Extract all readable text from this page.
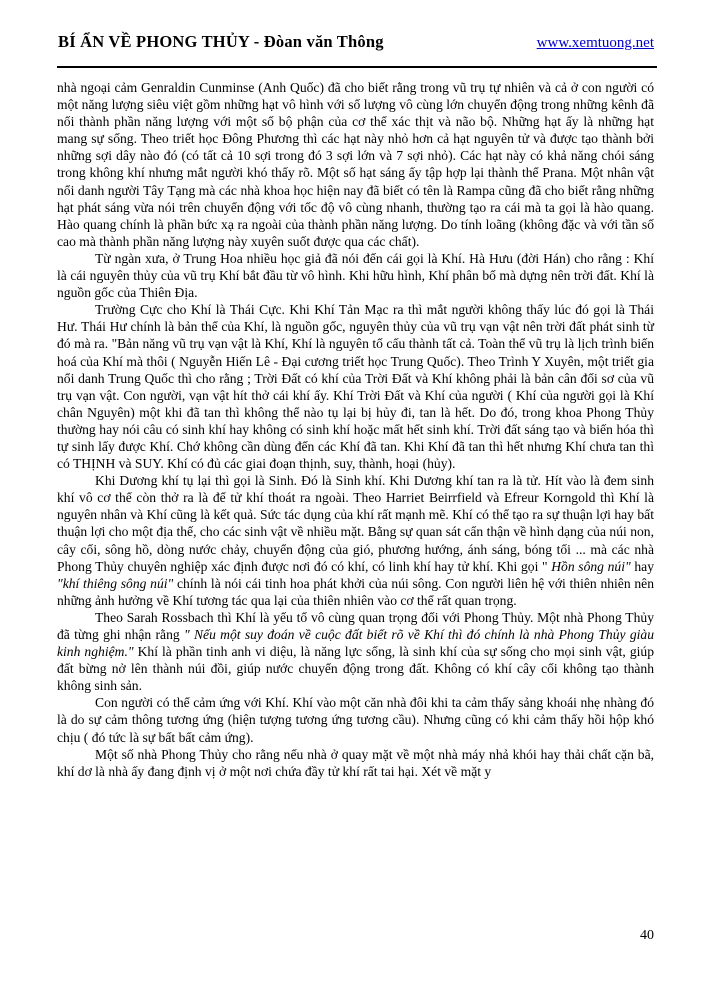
BÍ ẨN VỀ PHONG THỦY - Đòan văn Thông	www.xemtuong.net

nhà ngoại cảm Genraldin Cunminse (Anh Quốc) đã cho biết rằng trong vũ trụ tự nhiên và cả ở con người có một năng lượng siêu việt gồm những hạt vô hình với số lượng vô cùng lớn chuyển động trong những kênh đã nối thành phần năng lượng với một số bộ phận của cơ thể xác thịt và não bộ. Những hạt ấy là những hạt mang sự sống. Theo triết học Đông Phương thì các hạt này nhỏ hơn cả hạt nguyên tử và được tạo thành bởi những sợi dây nào đó (có tất cả 10 sợi trong đó 3 sợi lớn và 7 sợi nhỏ). Các hạt này có khả năng chói sáng trong không khí nhưng mắt người khó thấy rõ. Một số hạt sáng ấy tập hợp lại thành thể Prana. Một nhân vật nổi danh người Tây Tạng mà các nhà khoa học hiện nay đã biết có tên là Rampa cũng đã cho biết rằng những hạt phát sáng vừa nói trên chuyển động với tốc độ vô cùng nhanh, thường tạo ra cái mà ta gọi là hào quang. Hào quang chính là phần bức xạ ra ngoài của thành phần năng lượng. Do tính loãng (không đặc và với tần số cao mà thành phần năng lượng này xuyên suốt được qua các chất).

Từ ngàn xưa, ở Trung Hoa nhiều học giả đã nói đến cái gọi là Khí. Hà Hưu (đời Hán) cho rằng : Khí là cái nguyên thủy của vũ trụ Khí bắt đầu từ vô hình. Khi hữu hình, Khí phân bố mà dựng nên trời đất. Khí là nguồn gốc của Thiên Địa.

Trường Cực cho Khí là Thái Cực. Khi Khí Tản Mạc ra thì mắt người không thấy lúc đó gọi là Thái Hư. Thái Hư chính là bản thể của Khí, là nguồn gốc, nguyên thủy của vũ trụ vạn vật nên trời đất phát sinh từ đó mà ra. "Bản năng vũ trụ vạn vật là Khí, Khí là nguyên tố cấu thành tất cả. Toàn thể vũ trụ là lịch trình biến hoá của Khí mà thôi ( Nguyễn Hiến Lê - Đại cương triết học Trung Quốc). Theo Trình Y Xuyên, một triết gia nổi danh Trung Quốc thì cho rằng ; Trời Đất có khí của Trời Đất và Khí không phải là bản cân đối sơ của vũ trụ vạn vật. Con người, vạn vật hít thở cái khí ấy. Khí Trời Đất và Khí của người ( Khí của người gọi là Khí chân Nguyên) một khi đã tan thì không thể nào tụ lại bị hủy đi, tan là hết. Do đó, trong khoa Phong Thủy thường hay nói câu có sinh khí hay không có sinh khí hoặc mất hết sinh khí. Trời đất sáng tạo và biến hóa thì tự sinh lấy được Khí. Chớ không cần dùng đến các Khí đã tan. Khi Khí đã tan thì hết nhưng Khí chưa tan thì có THỊNH và SUY. Khí có đủ các giai đoạn thịnh, suy, thành, hoại (hủy).

Khi Dương khí tụ lại thì gọi là Sinh. Đó là Sinh khí. Khi Dương khí tan ra là tử. Hít vào là đem sinh khí vô cơ thể còn thở ra là để tử khí thoát ra ngoài. Theo Harriet Beirrfield và Efreur Korngold thì Khí là nguyên nhân và Khí cũng là kết quả. Sức tác dụng của khí rất mạnh mẽ. Khí có thể tạo ra sự thuận lợi hay bất thuận lợi cho một địa thế, cho các sinh vật về nhiều mặt. Bằng sự quan sát cẩn thận về hình dạng của núi non, cây cối, sông hồ, dòng nước chảy, chuyển động của gió, phương hướng, ánh sáng, bóng tối ... mà các nhà Phong Thủy chuyên nghiệp xác định được nơi đó có khí, có linh khí hay tử khí. Khi gọi " Hồn sông núi" hay "khí thiêng sông núi" chính là nói cái tinh hoa phát khởi của núi sông. Con người liên hệ với thiên nhiên nên những ảnh hưởng về Khí tương tác qua lại của thiên nhiên vào cơ thể rất quan trọng.

Theo Sarah Rossbach thì Khí là yếu tố vô cùng quan trọng đối với Phong Thủy. Một nhà Phong Thủy đã từng ghi nhận rằng " Nếu một suy đoán về cuộc đất biết rõ về Khí thì đó chính là nhà Phong Thủy giàu kinh nghiệm." Khí là phần tinh anh vi diệu, là năng lực sống, là sinh khí của sự sống cho mọi sinh vật, giúp đất bừng nở lên thành núi đồi, giúp nước chuyển động trong đất. Không có khí cây cối không tạo thành không sinh sản.

Con người có thể cảm ứng với Khí. Khí vào một căn nhà đôi khi ta cảm thấy sảng khoái nhẹ nhàng đó là do sự cảm thông tương ứng (hiện tượng tương ứng tương cầu). Nhưng cũng có khi cảm thấy hồi hộp khó chịu ( đó tức là sự bất bất cảm ứng).

Một số nhà Phong Thủy cho rằng nếu nhà ở quay mặt về một nhà máy nhả khói hay thải chất cặn bã, khí dơ là nhà ấy đang định vị ở một nơi chứa đầy tử khí rất tai hại. Xét về mặt y

40
